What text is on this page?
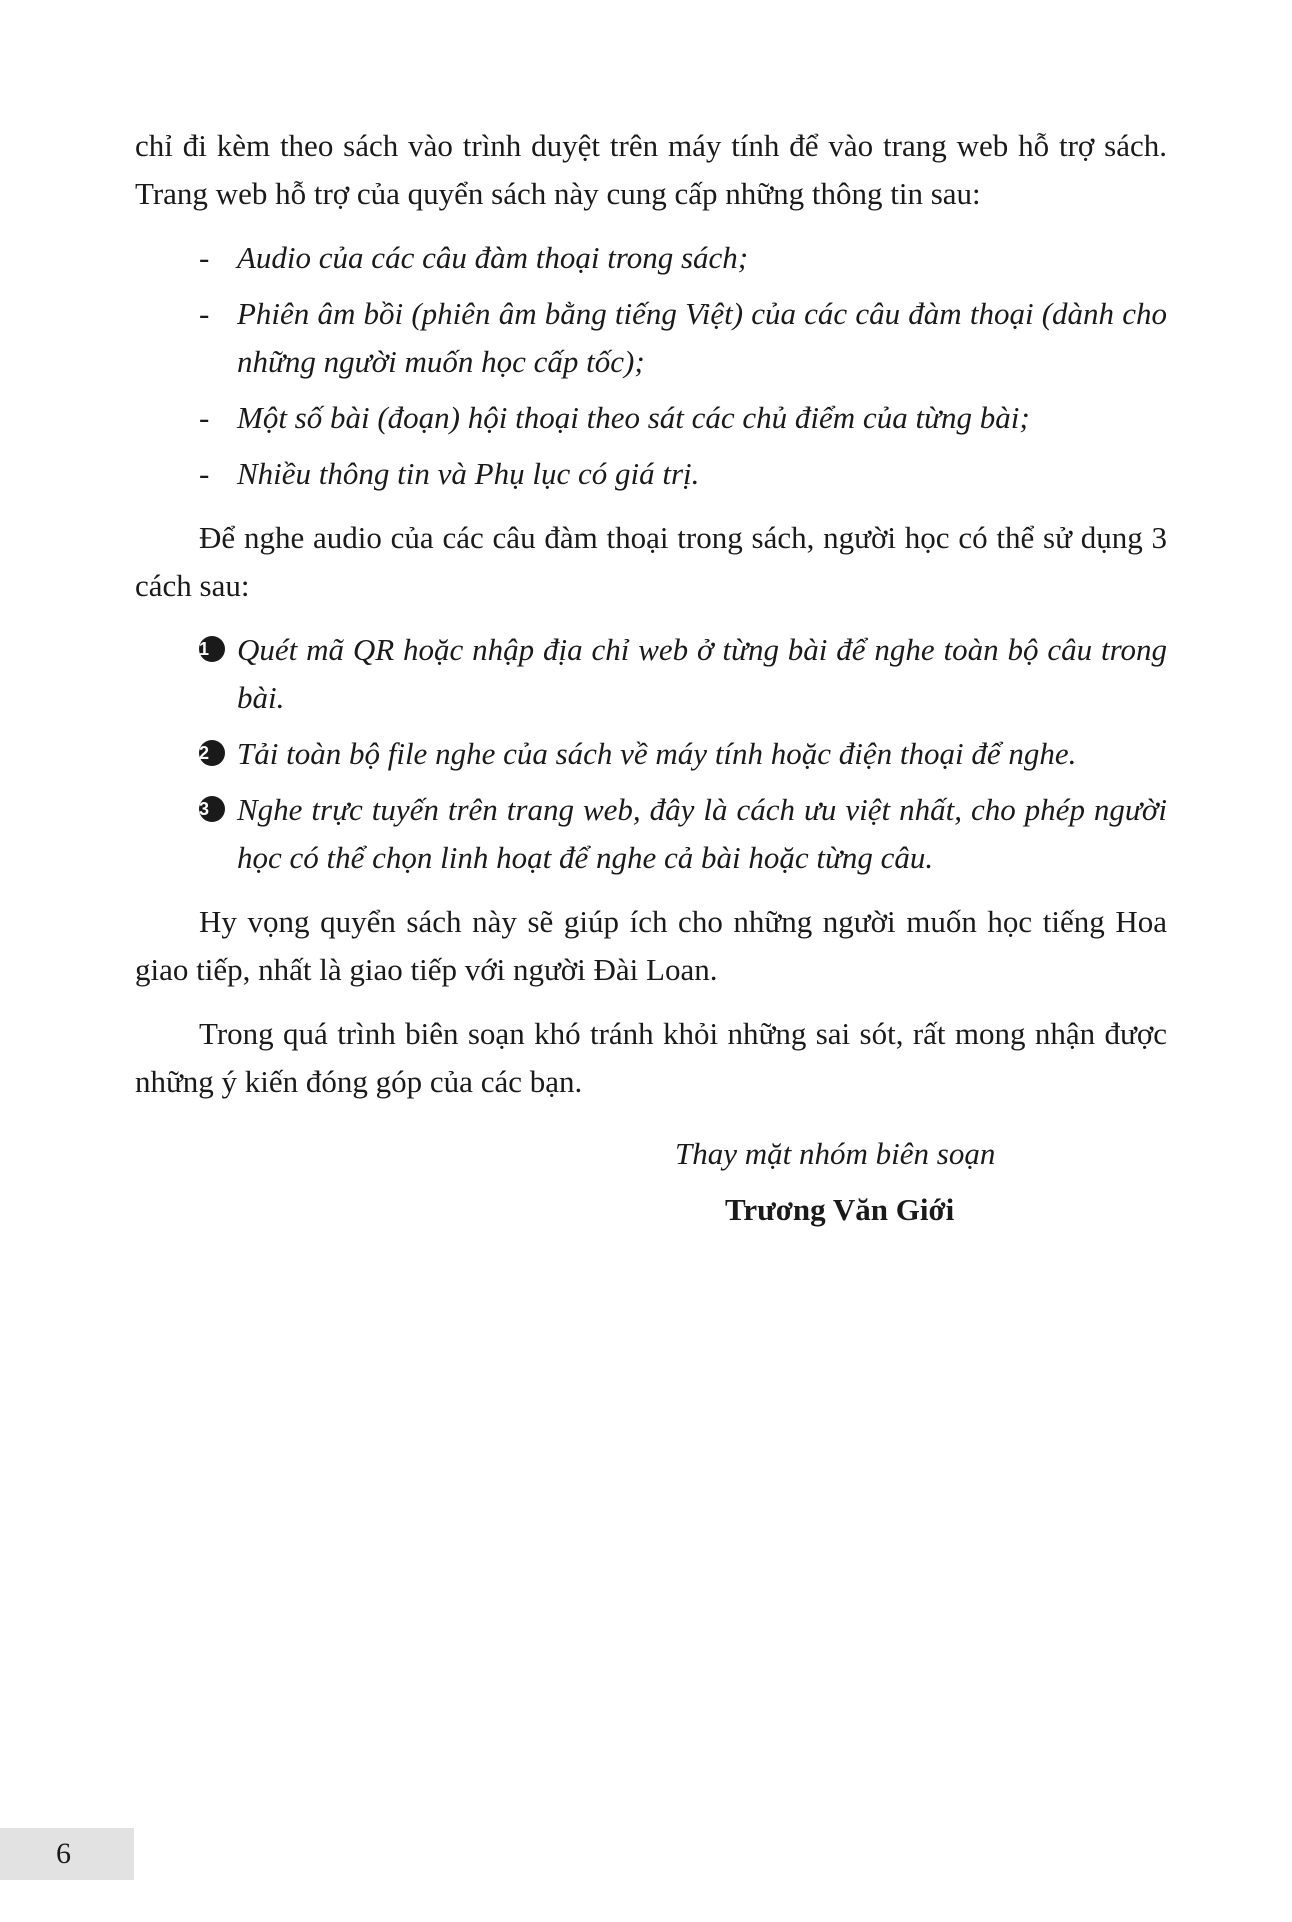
chỉ đi kèm theo sách vào trình duyệt trên máy tính để vào trang web hỗ trợ sách. Trang web hỗ trợ của quyển sách này cung cấp những thông tin sau:

- Audio của các câu đàm thoại trong sách;
- Phiên âm bồi (phiên âm bằng tiếng Việt) của các câu đàm thoại (dành cho những người muốn học cấp tốc);
- Một số bài (đoạn) hội thoại theo sát các chủ điểm của từng bài;
- Nhiều thông tin và Phụ lục có giá trị.

Để nghe audio của các câu đàm thoại trong sách, người học có thể sử dụng 3 cách sau:

1 Quét mã QR hoặc nhập địa chỉ web ở từng bài để nghe toàn bộ câu trong bài.
2 Tải toàn bộ file nghe của sách về máy tính hoặc điện thoại để nghe.
3 Nghe trực tuyến trên trang web, đây là cách ưu việt nhất, cho phép người học có thể chọn linh hoạt để nghe cả bài hoặc từng câu.

Hy vọng quyển sách này sẽ giúp ích cho những người muốn học tiếng Hoa giao tiếp, nhất là giao tiếp với người Đài Loan.

Trong quá trình biên soạn khó tránh khỏi những sai sót, rất mong nhận được những ý kiến đóng góp của các bạn.

Thay mặt nhóm biên soạn
Trương Văn Giới
6
